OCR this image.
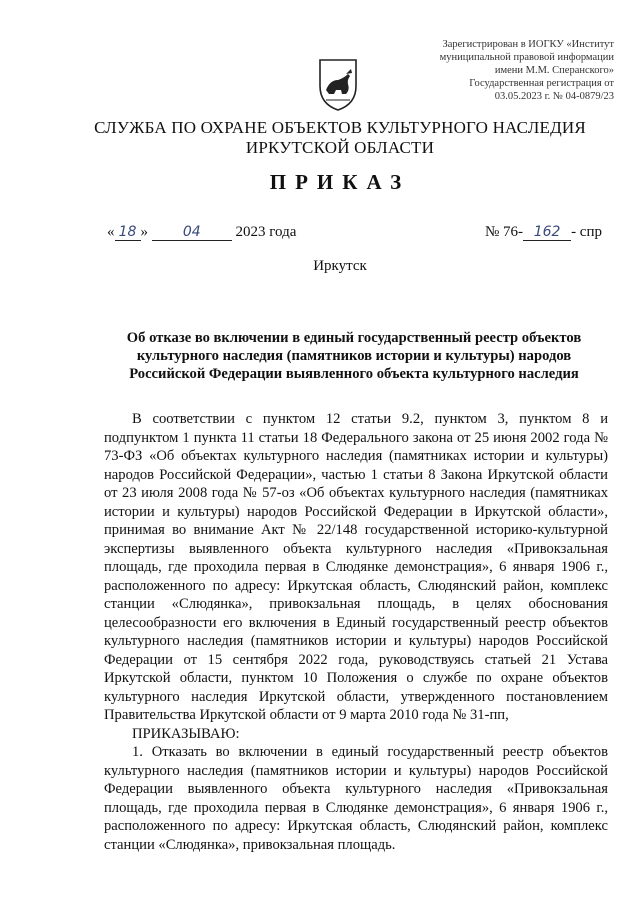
Зарегистрирован в ИОГКУ «Институт
муниципальной правовой информации
имени М.М. Сперанского»
Государственная регистрация от
03.05.2023 г. № 04-0879/23
СЛУЖБА ПО ОХРАНЕ ОБЪЕКТОВ КУЛЬТУРНОГО НАСЛЕДИЯ
ИРКУТСКОЙ ОБЛАСТИ
ПРИКАЗ
« 18 » 04 2023 года	№ 76- 162 - спр
Иркутск
Об отказе во включении в единый государственный реестр объектов культурного наследия (памятников истории и культуры) народов Российской Федерации выявленного объекта культурного наследия

В соответствии с пунктом 12 статьи 9.2, пунктом 3, пунктом 8 и подпунктом 1 пункта 11 статьи 18 Федерального закона от 25 июня 2002 года № 73-ФЗ «Об объектах культурного наследия (памятниках истории и культуры) народов Российской Федерации», частью 1 статьи 8 Закона Иркутской области от 23 июля 2008 года № 57-оз «Об объектах культурного наследия (памятниках истории и культуры) народов Российской Федерации в Иркутской области», принимая во внимание Акт № 22/148 государственной историко-культурной экспертизы выявленного объекта культурного наследия «Привокзальная площадь, где проходила первая в Слюдянке демонстрация», 6 января 1906 г., расположенного по адресу: Иркутская область, Слюдянский район, комплекс станции «Слюдянка», привокзальная площадь, в целях обоснования целесообразности его включения в Единый государственный реестр объектов культурного наследия (памятников истории и культуры) народов Российской Федерации от 15 сентября 2022 года, руководствуясь статьей 21 Устава Иркутской области, пунктом 10 Положения о службе по охране объектов культурного наследия Иркутской области, утвержденного постановлением Правительства Иркутской области от 9 марта 2010 года № 31-пп,

ПРИКАЗЫВАЮ:

1. Отказать во включении в единый государственный реестр объектов культурного наследия (памятников истории и культуры) народов Российской Федерации выявленного объекта культурного наследия «Привокзальная площадь, где проходила первая в Слюдянке демонстрация», 6 января 1906 г., расположенного по адресу: Иркутская область, Слюдянский район, комплекс станции «Слюдянка», привокзальная площадь.
